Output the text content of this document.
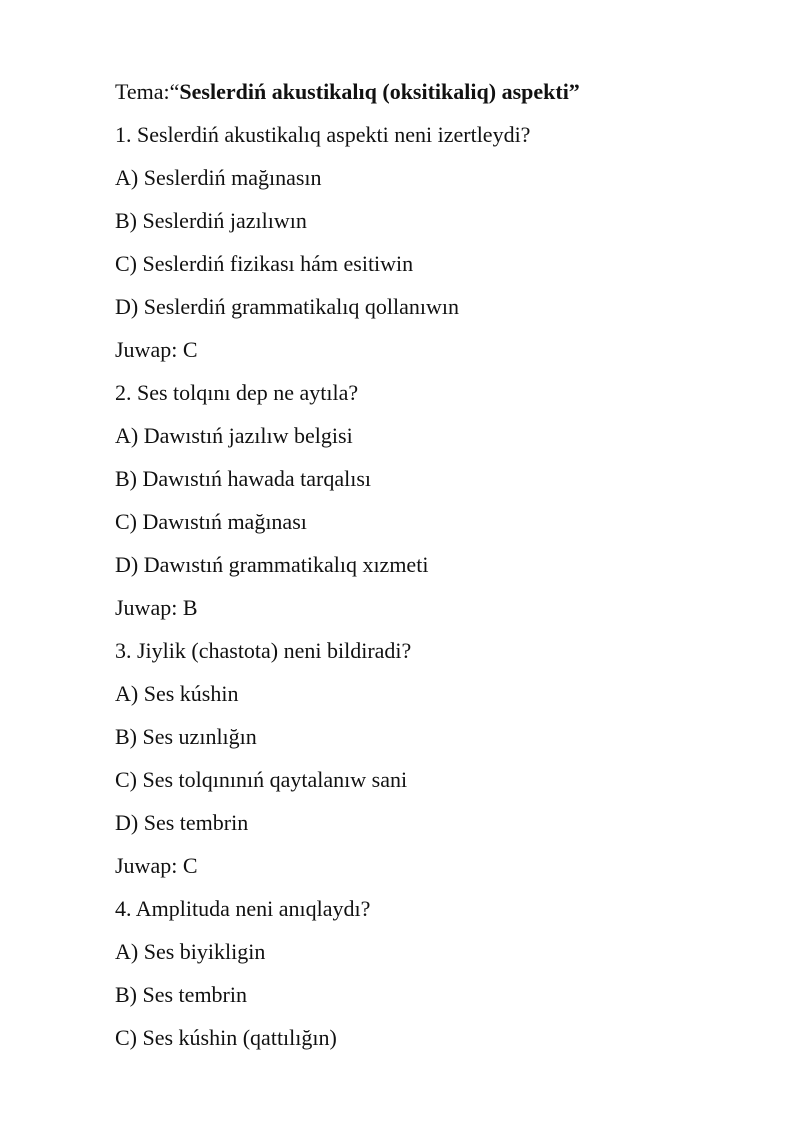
Tema:“Seslerdiń akustikalıq (oksitikaliq) aspekti”
1. Seslerdiń akustikalıq aspekti neni izertleydi?
A) Seslerdiń mağınasın
B) Seslerdiń jazılıwın
C) Seslerdiń fizikası hám esitiwin
D) Seslerdiń grammatikalıq qollanıwın
Juwap: C
2. Ses tolqını dep ne aytıla?
A) Dawıstıń jazılıw belgisi
B) Dawıstıń hawada tarqalısı
C) Dawıstıń mağınası
D) Dawıstıń grammatikalıq xızmeti
Juwap: B
3. Jiylik (chastota) neni bildiradi?
A) Ses kúshin
B) Ses uzınlığın
C) Ses tolqınınıń qaytalanıw sani
D) Ses tembrin
Juwap: C
4. Amplituda neni anıqlaydı?
A) Ses biyikligin
B) Ses tembrin
C) Ses kúshin (qattılığın)
